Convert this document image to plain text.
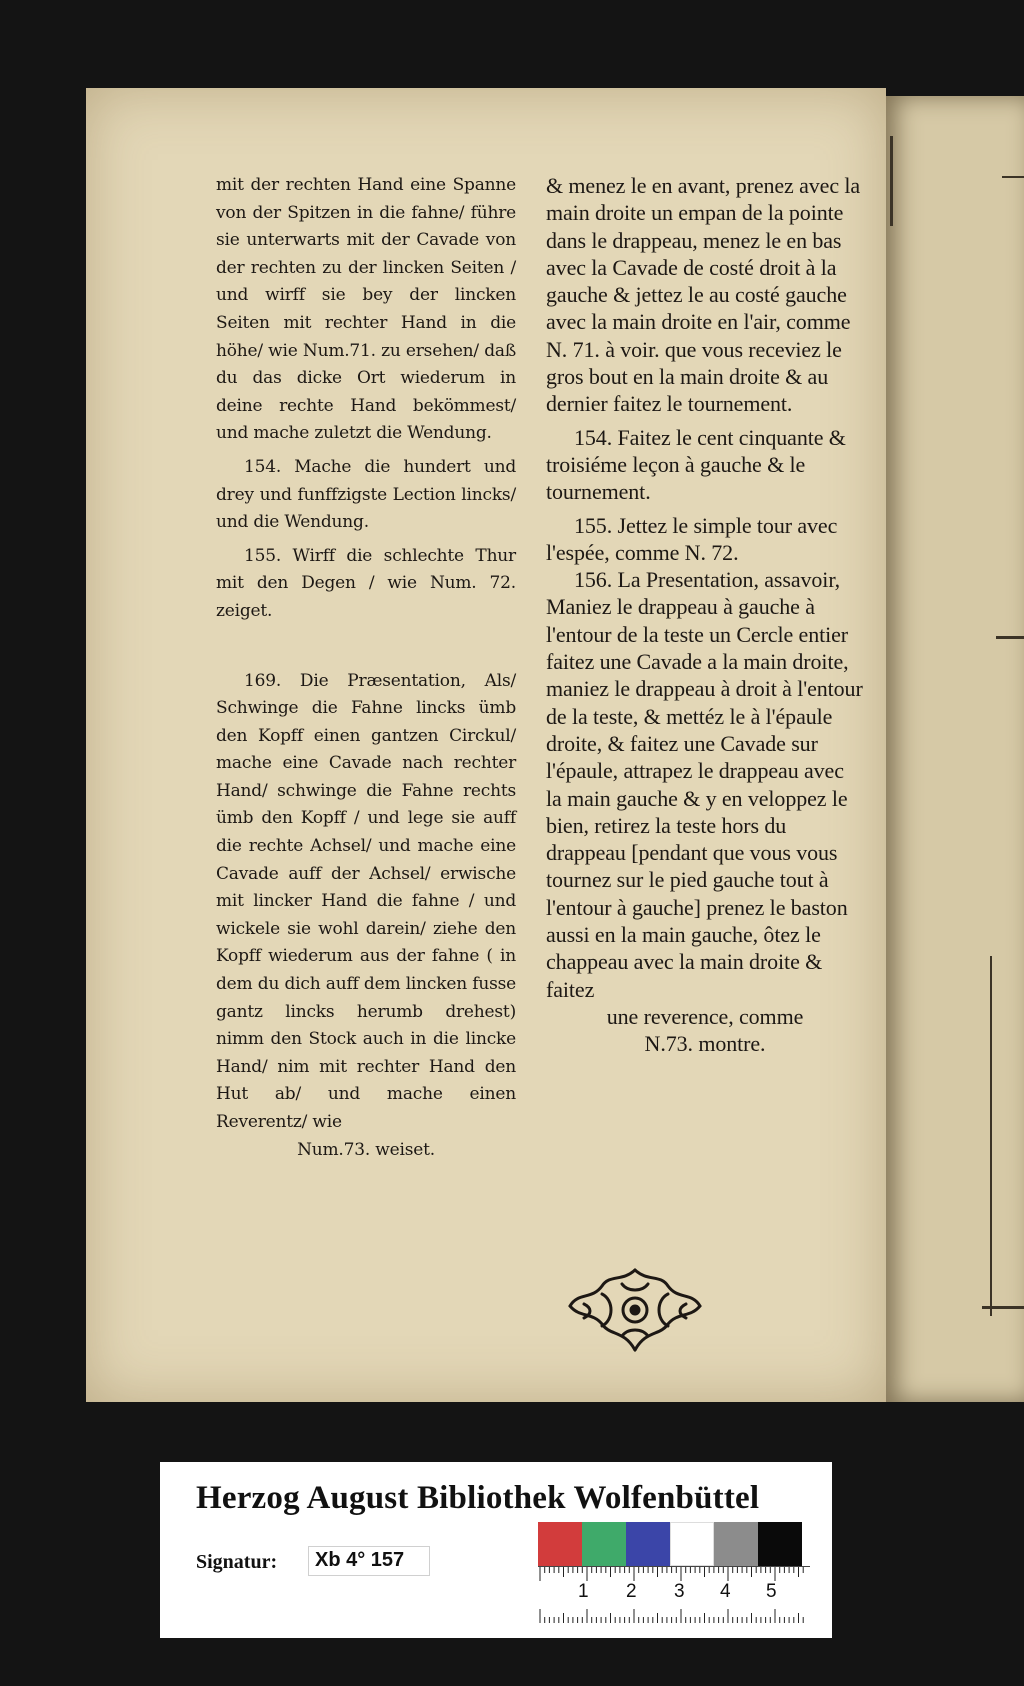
mit der rechten Hand eine Spanne von der Spitzen in die fahne/ führe sie unterwarts mit der Cavade von der rechten zu der lincken Seiten / und wirff sie bey der lincken Seiten mit rechter Hand in die höhe/ wie Num.71. zu ersehen/ daß du das dicke Ort wiederum in deine rechte Hand bekömmest/ und mache zuletzt die Wendung.

154. Mache die hundert und drey und funffzigste Lection lincks/ und die Wendung.

155. Wirff die schlechte Thur mit den Degen / wie Num. 72. zeiget.

169. Die Præsentation, Als/ Schwinge die Fahne lincks ümb den Kopff einen gantzen Circkul/ mache eine Cavade nach rechter Hand/ schwinge die Fahne rechts ümb den Kopff / und lege sie auff die rechte Achsel/ und mache eine Cavade auff der Achsel/ erwische mit lincker Hand die fahne / und wickele sie wohl darein/ ziehe den Kopff wiederum aus der fahne ( in dem du dich auff dem lincken fusse gantz lincks herumb drehest) nimm den Stock auch in die lincke Hand/ nim mit rechter Hand den Hut ab/ und mache einen Reverentz/ wie

Num.73. weiset.

& menez le en avant, prenez avec la main droite un empan de la pointe dans le drappeau, menez le en bas avec la Cavade de costé droit à la gauche & jettez le au costé gauche avec la main droite en l'air, comme N. 71. à voir. que vous receviez le gros bout en la main droite & au dernier faitez le tournement.

154. Faitez le cent cinquante & troisiéme leçon à gauche & le tournement.

155. Jettez le simple tour avec l'espée, comme N. 72.

156. La Presentation, assavoir, Maniez le drappeau à gauche à l'entour de la teste un Cercle entier faitez une Cavade a la main droite, maniez le drappeau à droit à l'entour de la teste, & mettéz le à l'épaule droite, & faitez une Cavade sur l'épaule, attrapez le drappeau avec la main gauche & y en veloppez le bien, retirez la teste hors du drappeau [pendant que vous vous tournez sur le pied gauche tout à l'entour à gauche] prenez le baston aussi en la main gauche, ôtez le chappeau avec la main droite & faitez

une reverence, comme

N.73. montre.

Herzog August Bibliothek Wolfenbüttel
Signatur:	Xb 4° 157
1 2 3 4 5
